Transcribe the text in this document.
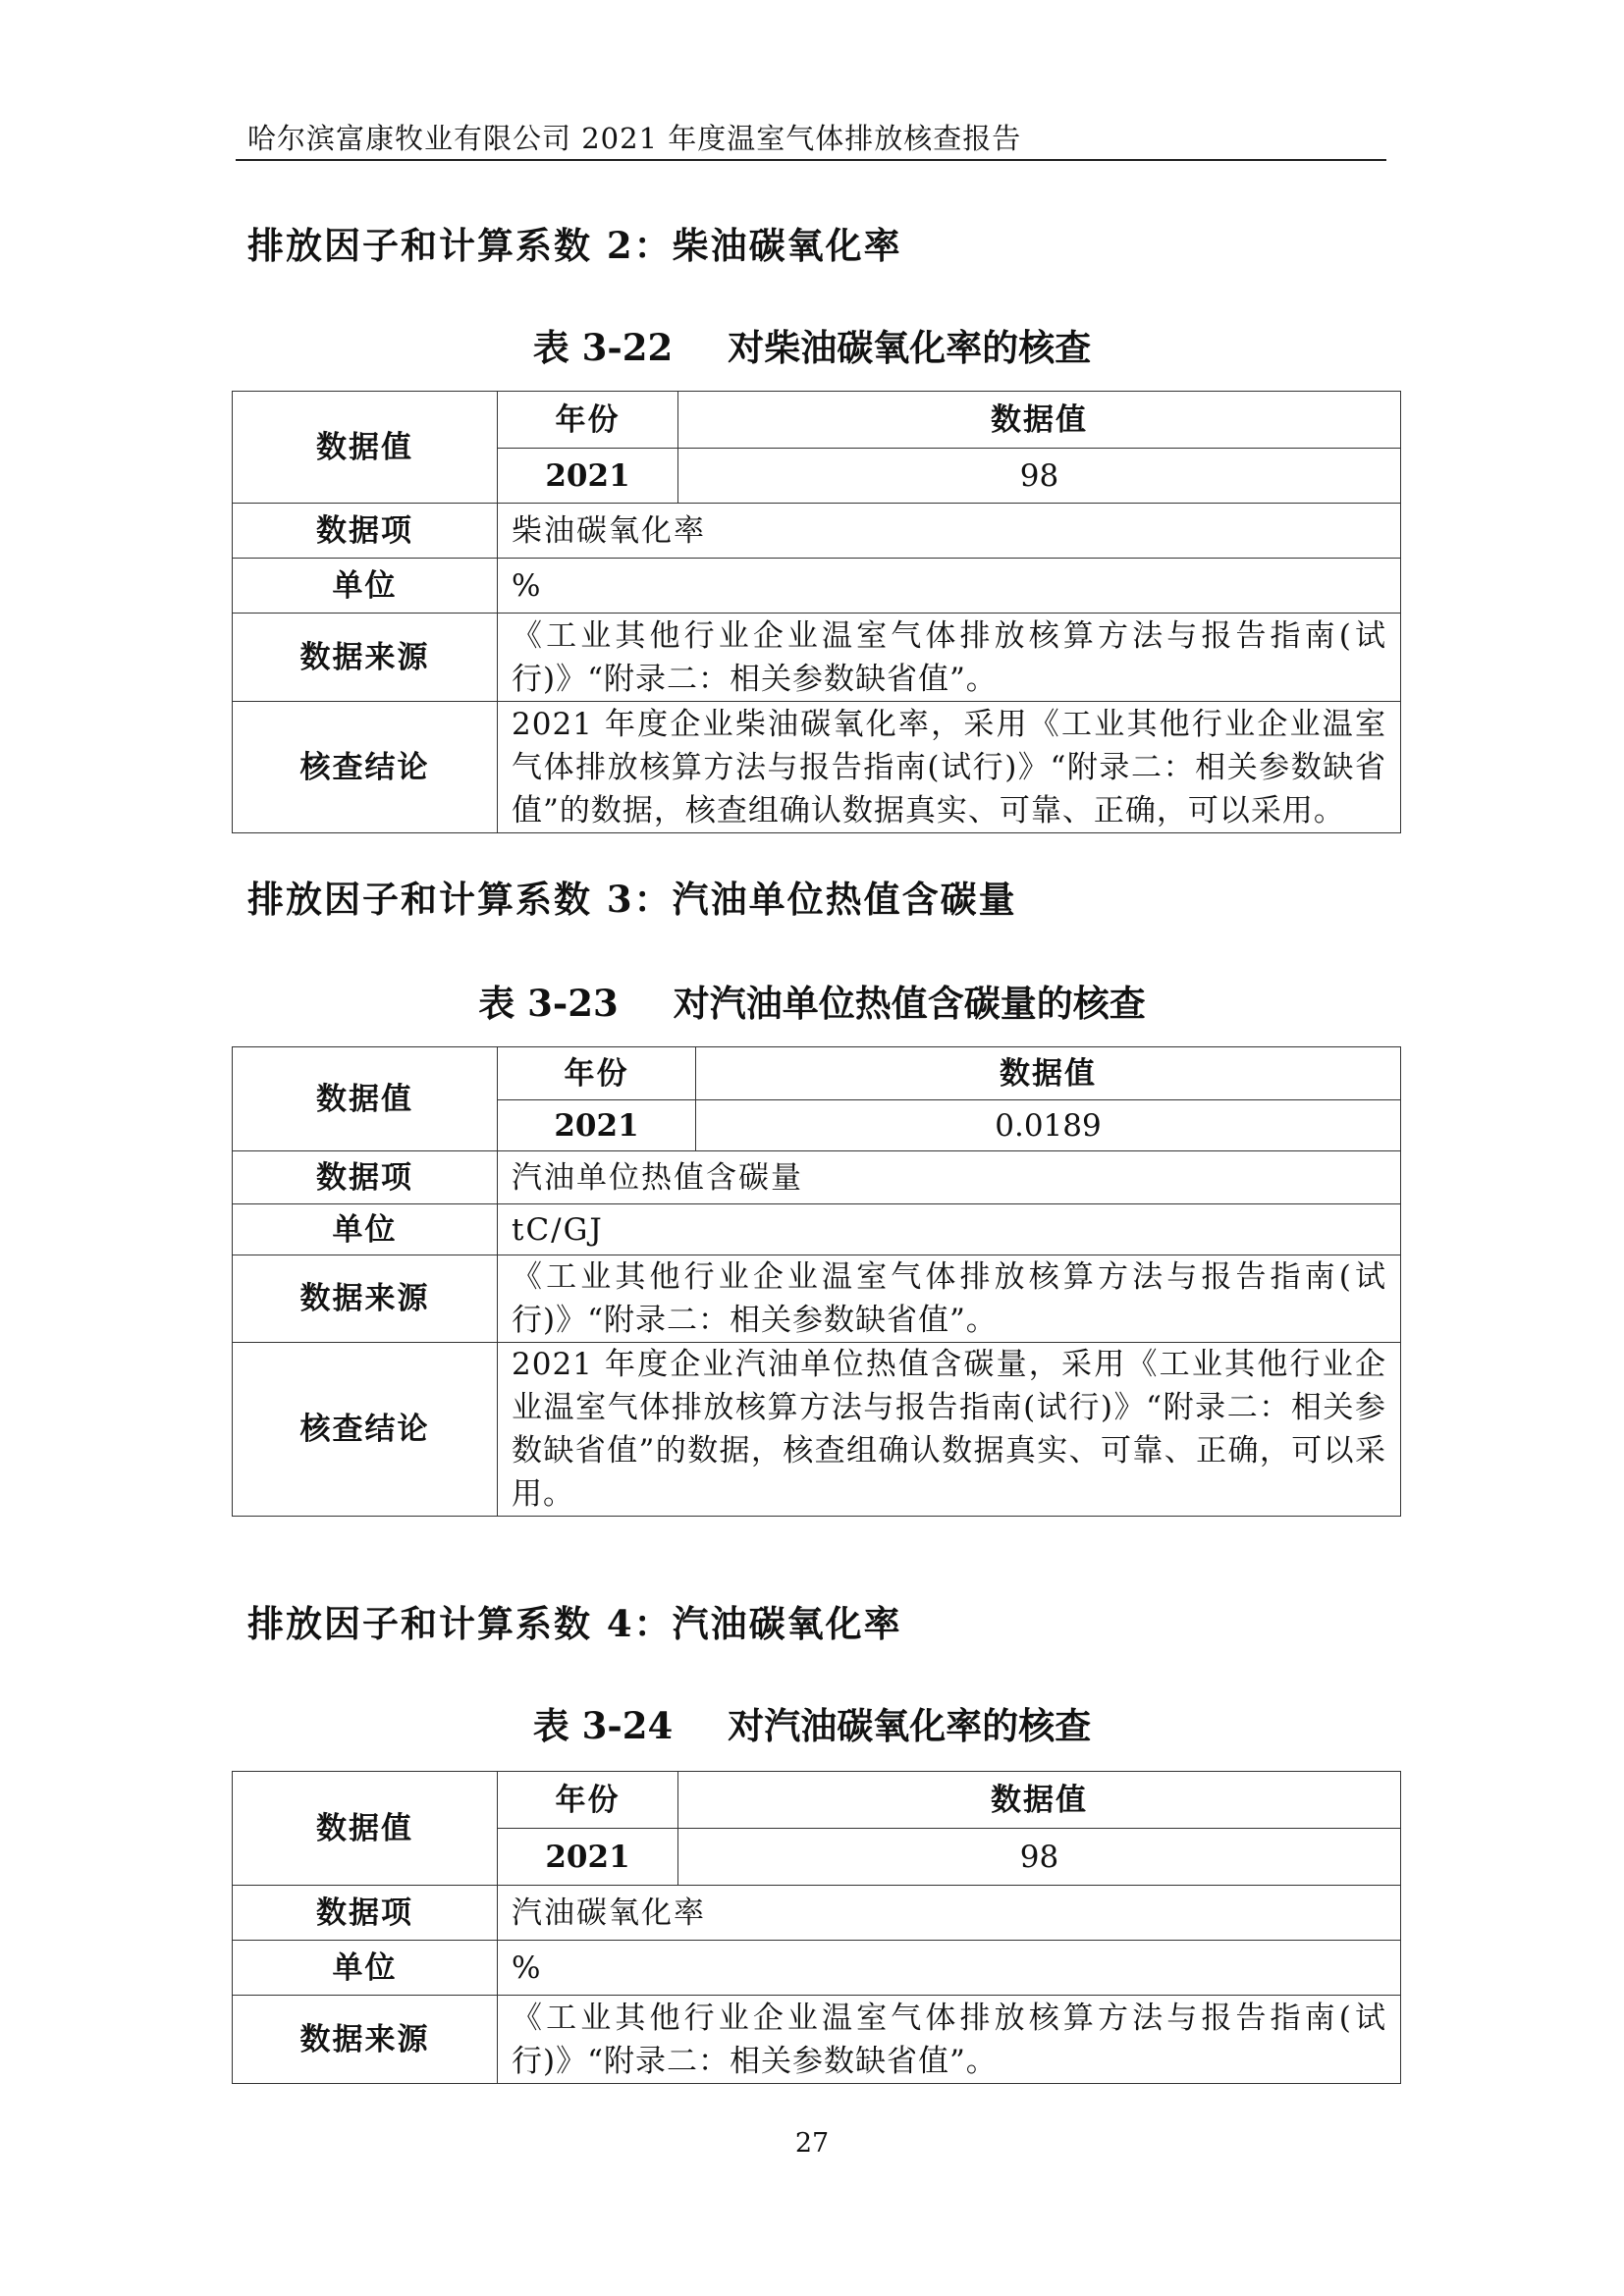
哈尔滨富康牧业有限公司 2021 年度温室气体排放核查报告
排放因子和计算系数 2：柴油碳氧化率
表 3-22 对柴油碳氧化率的核查
数据值	年份	数据值
	2021	98
数据项	柴油碳氧化率	
单位	%	
数据来源	《工业其他行业企业温室气体排放核算方法与报告指南(试行)》“附录二：相关参数缺省值”。	
核查结论	2021 年度企业柴油碳氧化率，采用《工业其他行业企业温室气体排放核算方法与报告指南(试行)》“附录二：相关参数缺省值”的数据，核查组确认数据真实、可靠、正确，可以采用。	
排放因子和计算系数 3：汽油单位热值含碳量
表 3-23 对汽油单位热值含碳量的核查
数据值	年份	数据值
	2021	0.0189
数据项	汽油单位热值含碳量	
单位	tC/GJ	
数据来源	《工业其他行业企业温室气体排放核算方法与报告指南(试行)》“附录二：相关参数缺省值”。	
核查结论	2021 年度企业汽油单位热值含碳量，采用《工业其他行业企业温室气体排放核算方法与报告指南(试行)》“附录二：相关参数缺省值”的数据，核查组确认数据真实、可靠、正确，可以采用。	
排放因子和计算系数 4：汽油碳氧化率
表 3-24 对汽油碳氧化率的核查
数据值	年份	数据值
	2021	98
数据项	汽油碳氧化率	
单位	%	
数据来源	《工业其他行业企业温室气体排放核算方法与报告指南(试行)》“附录二：相关参数缺省值”。	
27
